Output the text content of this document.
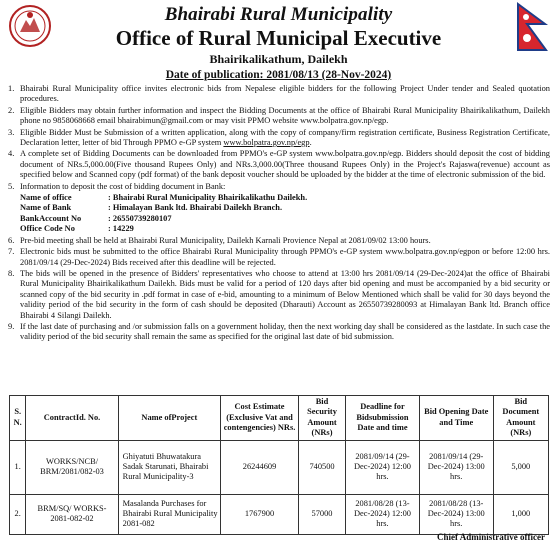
Bhairabi Rural Municipality
Office of Rural Municipal Executive
Bhairikalikathum, Dailekh
Date of publication: 2081/08/13 (28-Nov-2024)
1. Bhairabi Rural Municipality office invites electronic bids from Nepalese eligible bidders for the following Project Under tender and Sealed quotation procedures.
2. Eligible Bidders may obtain further information and inspect the Bidding Documents at the office of Bhairabi Rural Municipality Bhairikalikathum, Dailekh phone no 9858068668 email bhairabimun@gmail.com or may visit PPMO website www.bolpatra.gov.np/egp.
3. Eligible Bidder Must be Submission of a written application, along with the copy of company/firm registration certificate, Business Registration Certificate, Declaration letter, letter of bid Through PPMO e-GP system www.bolpatra.gov.np/egp.
4. A complete set of Bidding Documents can be downloaded from PPMO's e-GP system www.bolpatra.gov.np/egp. Bidders should deposit the cost of bidding document of NRs.5,000.00(Five thousand Rupees Only) and NRs.3,000.00(Three thousand Rupees Only) in the Project's Rajaswa(revenue) account as specified below and Scanned copy (pdf format) of the bank deposit voucher should be uploaded by the bidder at the time of electronic submission of the bid.
5. Information to deposit the cost of bidding document in Bank:
Name of office	: Bhairabi Rural Municipality Bhairikalikathu Dailekh.
Name of Bank	: Himalayan Bank ltd. Bhairabi Dailekh Branch.
BankAccount No	: 26550739280107
Office Code No	: 14229
6. Pre-bid meeting shall be held at Bhairabi Rural Municipality, Dailekh Karnali Provience Nepal at 2081/09/02 13:00 hours.
7. Electronic bids must be submitted to the office Bhairabi Rural Municipality through PPMO's e-GP system www.bolpatra.gov.np/egpon or before 12:00 hrs. 2081/09/14 (29-Dec-2024) Bids received after this deadline will be rejected.
8. The bids will be opened in the presence of Bidders' representatives who choose to attend at 13:00 hrs 2081/09/14 (29-Dec-2024)at the office of Bhairabi Rural Municipality Bhairikalikathum Dailekh. Bids must be valid for a period of 120 days after bid opening and must be accompanied by a bid security or scanned copy of the bid security in .pdf format in case of e-bid, amounting to a minimum of Below Mentioned which shall be valid for 30 days beyond the validity period of the bid security in the form of cash should be deposited (Dharauti) Account as 26550739280093 at Himalayan Bank ltd. Branch office Bhairabi 4 Silangi Dailekh.
9. If the last date of purchasing and /or submission falls on a government holiday, then the next working day shall be considered as the lastdate. In such case the validity period of the bid security shall remain the same as specified for the original last date of bid submission.
S. N.	ContractId. No.	Name ofProject	Cost Estimate (Exclusive Vat and contengencies) NRs.	Bid Security Amount (NRs)	Deadline for Bidsubmission Date and time	Bid Opening Date and Time	Bid Document Amount (NRs)
1.	WORKS/NCB/ BRM/2081/082-03	Ghiyatuti Bhuwatakura Sadak Starunati, Bhairabi Rural Municipality-3	26244609	740500	2081/09/14 (29-Dec-2024) 12:00 hrs.	2081/09/14 (29-Dec-2024) 13:00 hrs.	5,000
2.	BRM/SQ/ WORKS-2081-082-02	Masalanda Purchases for Bhairabi Rural Municipality 2081-082	1767900	57000	2081/08/28 (13-Dec-2024) 12:00 hrs.	2081/08/28 (13-Dec-2024) 13:00 hrs.	1,000
Chief Administrative officer
